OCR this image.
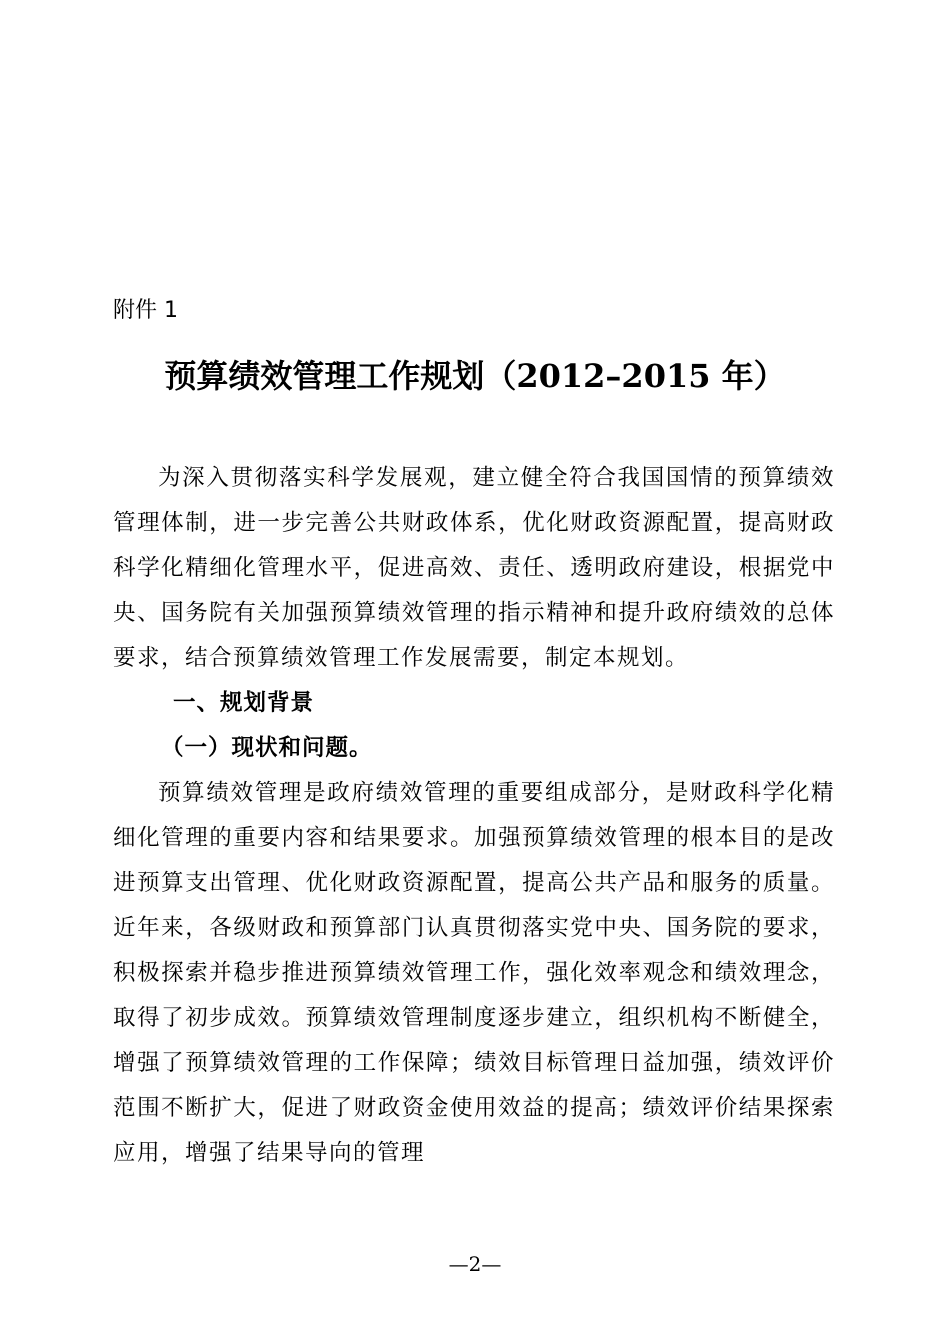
附件 1
预算绩效管理工作规划（2012–2015 年）

为深入贯彻落实科学发展观，建立健全符合我国国情的预算绩效管理体制，进一步完善公共财政体系，优化财政资源配置，提高财政科学化精细化管理水平，促进高效、责任、透明政府建设，根据党中央、国务院有关加强预算绩效管理的指示精神和提升政府绩效的总体要求，结合预算绩效管理工作发展需要，制定本规划。

一、规划背景

（一）现状和问题。

预算绩效管理是政府绩效管理的重要组成部分，是财政科学化精细化管理的重要内容和结果要求。加强预算绩效管理的根本目的是改进预算支出管理、优化财政资源配置，提高公共产品和服务的质量。近年来，各级财政和预算部门认真贯彻落实党中央、国务院的要求，积极探索并稳步推进预算绩效管理工作，强化效率观念和绩效理念，取得了初步成效。预算绩效管理制度逐步建立，组织机构不断健全，增强了预算绩效管理的工作保障；绩效目标管理日益加强，绩效评价范围不断扩大，促进了财政资金使用效益的提高；绩效评价结果探索应用，增强了结果导向的管理

—2—
